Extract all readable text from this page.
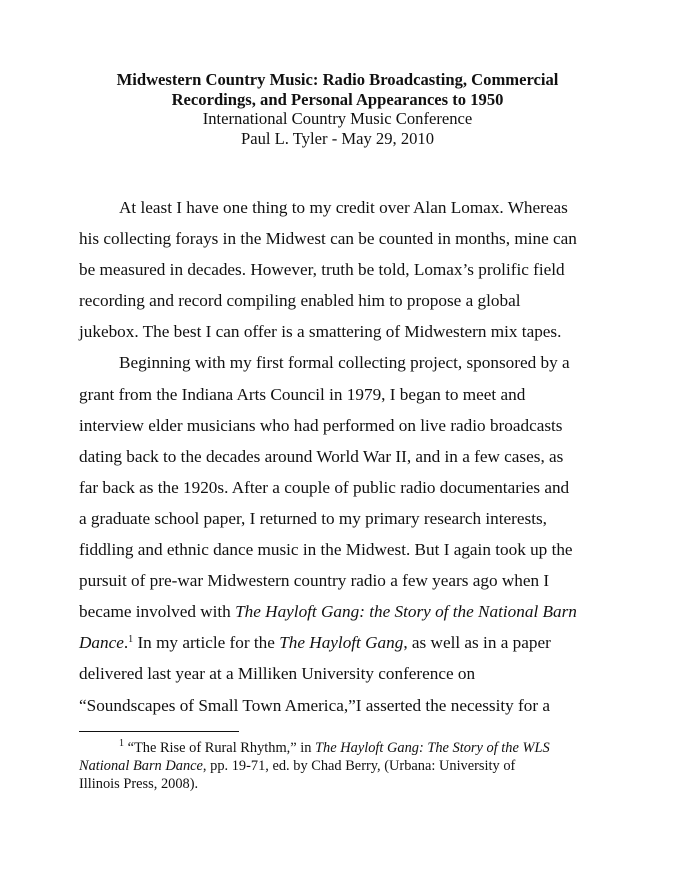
Midwestern Country Music: Radio Broadcasting, Commercial
Recordings, and Personal Appearances to 1950
International Country Music Conference
Paul L. Tyler - May 29, 2010
At least I have one thing to my credit over Alan Lomax. Whereas
his collecting forays in the Midwest can be counted in months, mine can
be measured in decades. However, truth be told, Lomax’s prolific field
recording and record compiling enabled him to propose a global
jukebox. The best I can offer is a smattering of Midwestern mix tapes.
Beginning with my first formal collecting project, sponsored by a
grant from the Indiana Arts Council in 1979, I began to meet and
interview elder musicians who had performed on live radio broadcasts
dating back to the decades around World War II, and in a few cases, as
far back as the 1920s. After a couple of public radio documentaries and
a graduate school paper, I returned to my primary research interests,
fiddling and ethnic dance music in the Midwest. But I again took up the
pursuit of pre-war Midwestern country radio a few years ago when I
became involved with The Hayloft Gang: the Story of the National Barn
Dance.$^1$ In my article for the The Hayloft Gang, as well as in a paper
delivered last year at a Milliken University conference on
“Soundscapes of Small Town America,”I asserted the necessity for a
$^1$ “The Rise of Rural Rhythm,” in The Hayloft Gang: The Story of the WLS
National Barn Dance, pp. 19-71, ed. by Chad Berry, (Urbana: University of
Illinois Press, 2008).
